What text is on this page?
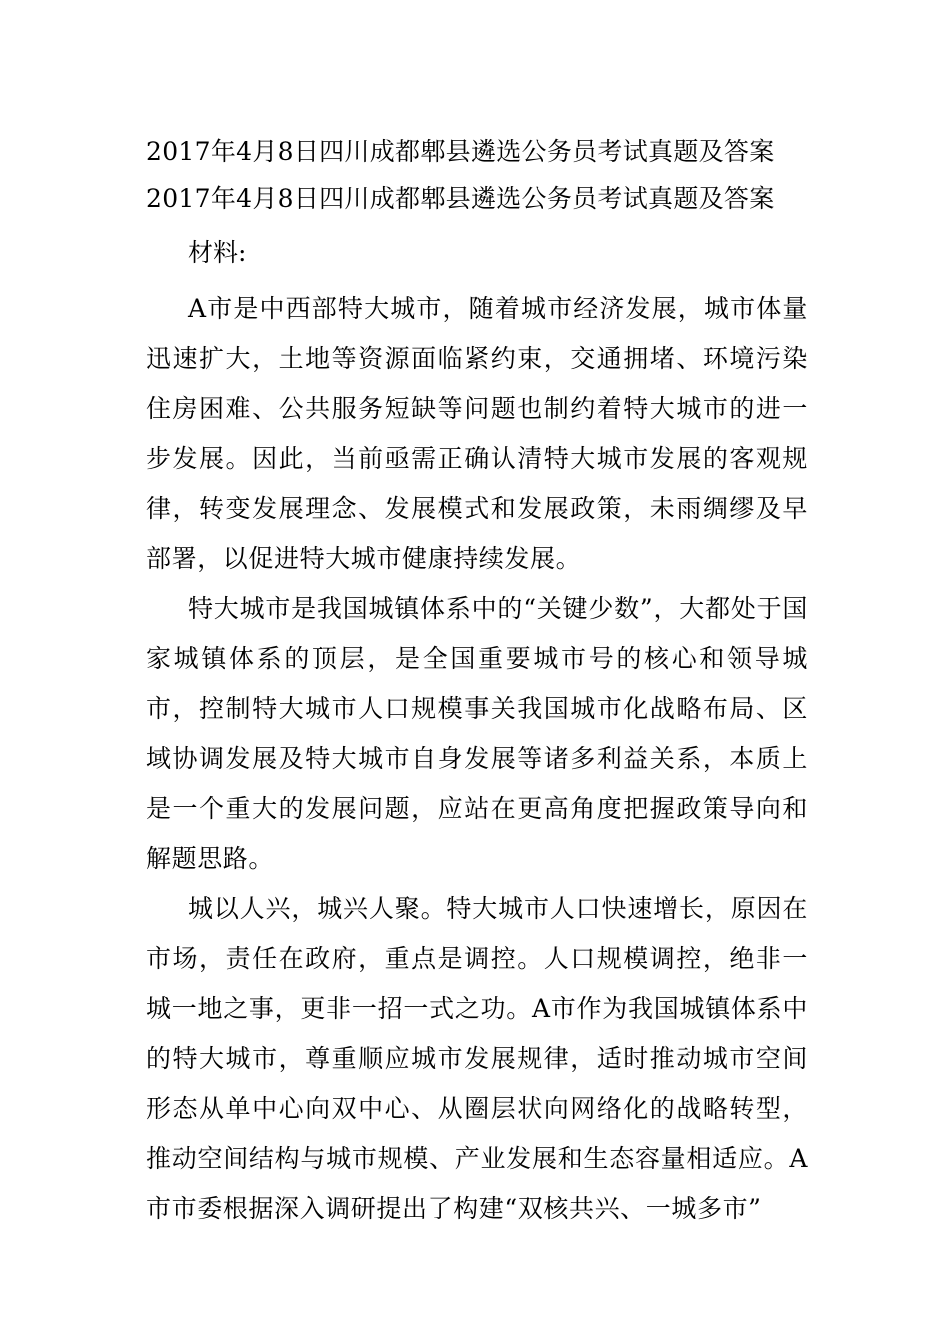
2017年4月8日四川成都郫县遴选公务员考试真题及答案

2017年4月8日四川成都郫县遴选公务员考试真题及答案

材料:

A市是中西部特大城市，随着城市经济发展，城市体量迅速扩大，土地等资源面临紧约束，交通拥堵、环境污染住房困难、公共服务短缺等问题也制约着特大城市的进一步发展。因此，当前亟需正确认清特大城市发展的客观规律，转变发展理念、发展模式和发展政策，未雨绸缪及早部署，以促进特大城市健康持续发展。

特大城市是我国城镇体系中的“关键少数”，大都处于国家城镇体系的顶层，是全国重要城市号的核心和领导城市，控制特大城市人口规模事关我国城市化战略布局、区域协调发展及特大城市自身发展等诸多利益关系，本质上是一个重大的发展问题，应站在更高角度把握政策导向和解题思路。

城以人兴，城兴人聚。特大城市人口快速增长，原因在市场，责任在政府，重点是调控。人口规模调控，绝非一城一地之事，更非一招一式之功。A市作为我国城镇体系中的特大城市，尊重顺应城市发展规律，适时推动城市空间形态从单中心向双中心、从圈层状向网络化的战略转型，推动空间结构与城市规模、产业发展和生态容量相适应。A市市委根据深入调研提出了构建“双核共兴、一城多市”
